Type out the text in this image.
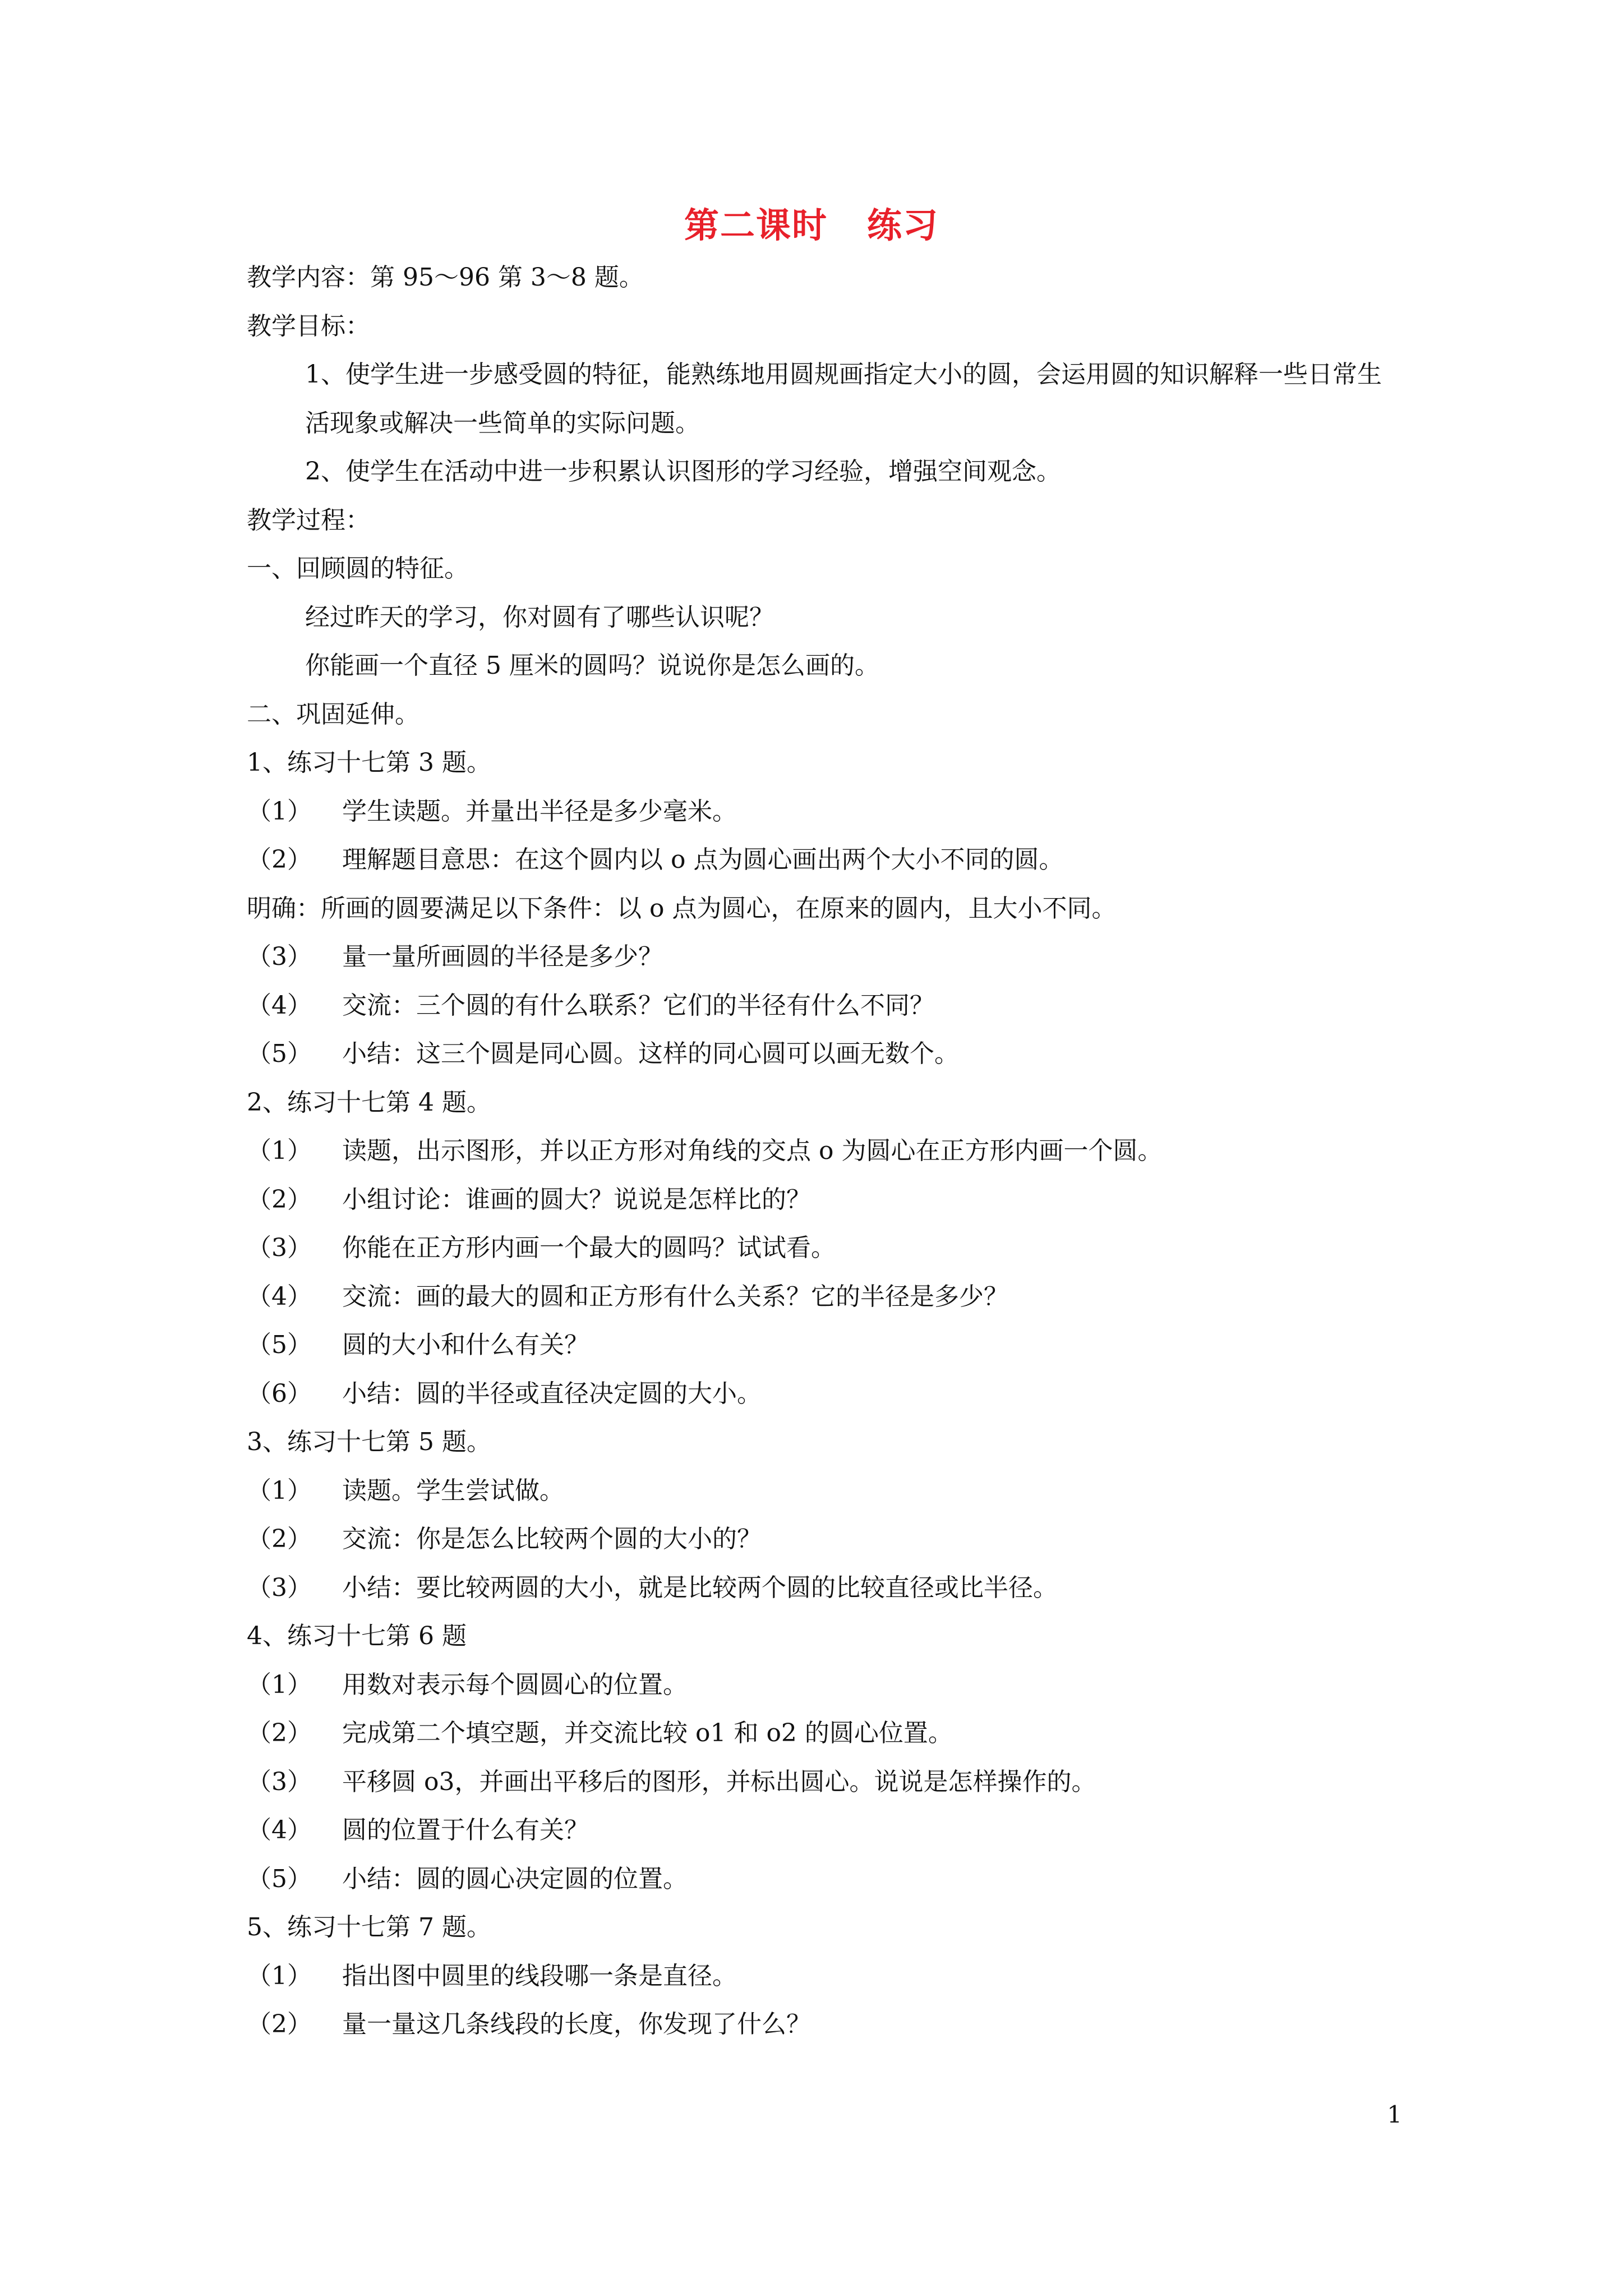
第二课时 练习

教学内容：第 95～96 第 3～8 题。

教学目标：

1、使学生进一步感受圆的特征，能熟练地用圆规画指定大小的圆，会运用圆的知识解释一些日常生活现象或解决一些简单的实际问题。

2、使学生在活动中进一步积累认识图形的学习经验，增强空间观念。

教学过程：

一、回顾圆的特征。

经过昨天的学习，你对圆有了哪些认识呢？

你能画一个直径 5 厘米的圆吗？说说你是怎么画的。

二、巩固延伸。

1、练习十七第 3 题。

（1）	学生读题。并量出半径是多少毫米。
（2）	理解题目意思：在这个圆内以 o 点为圆心画出两个大小不同的圆。

明确：所画的圆要满足以下条件：以 o 点为圆心，在原来的圆内，且大小不同。

（3）	量一量所画圆的半径是多少？
（4）	交流：三个圆的有什么联系？它们的半径有什么不同？
（5）	小结：这三个圆是同心圆。这样的同心圆可以画无数个。

2、练习十七第 4 题。

（1）	读题，出示图形，并以正方形对角线的交点 o 为圆心在正方形内画一个圆。
（2）	小组讨论：谁画的圆大？说说是怎样比的？
（3）	你能在正方形内画一个最大的圆吗？试试看。
（4）	交流：画的最大的圆和正方形有什么关系？它的半径是多少？
（5）	圆的大小和什么有关？
（6）	小结：圆的半径或直径决定圆的大小。

3、练习十七第 5 题。

（1）	读题。学生尝试做。
（2）	交流：你是怎么比较两个圆的大小的？
（3）	小结：要比较两圆的大小，就是比较两个圆的比较直径或比半径。

4、练习十七第 6 题

（1）	用数对表示每个圆圆心的位置。
（2）	完成第二个填空题，并交流比较 o1 和 o2 的圆心位置。
（3）	平移圆 o3，并画出平移后的图形，并标出圆心。说说是怎样操作的。
（4）	圆的位置于什么有关？
（5）	小结：圆的圆心决定圆的位置。

5、练习十七第 7 题。

（1）	指出图中圆里的线段哪一条是直径。
（2）	量一量这几条线段的长度，你发现了什么？

1
